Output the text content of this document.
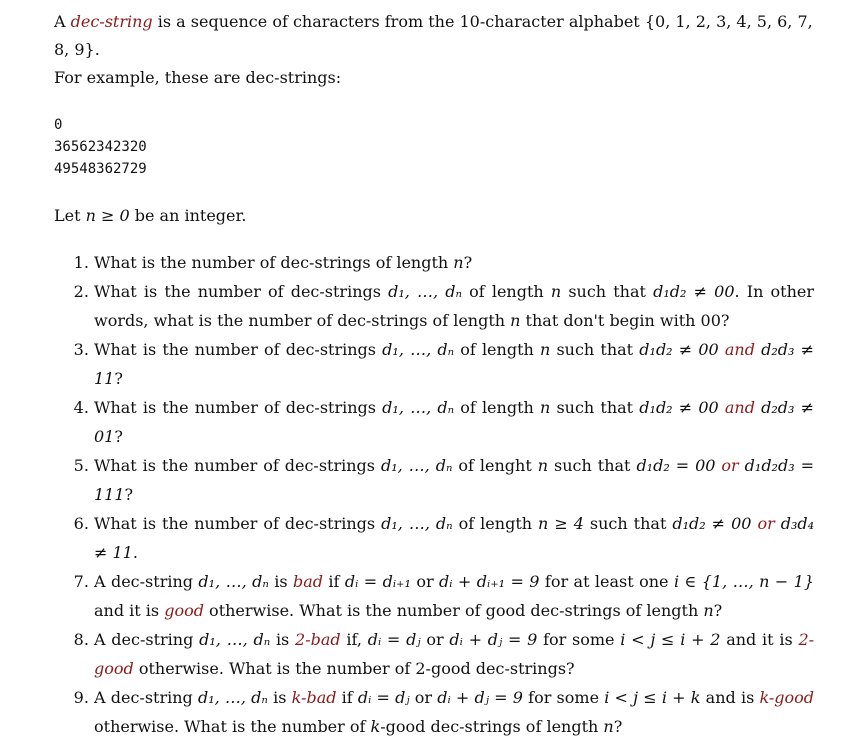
A dec-string is a sequence of characters from the 10-character alphabet {0, 1, 2, 3, 4, 5, 6, 7, 8, 9}.

For example, these are dec-strings:

0
36562342320
49548362729

Let n ≥ 0 be an integer.

1. What is the number of dec-strings of length n?
2. What is the number of dec-strings d₁, …, dₙ of length n such that d₁d₂ ≠ 00. In other words, what is the number of dec-strings of length n that don't begin with 00?
3. What is the number of dec-strings d₁, …, dₙ of length n such that d₁d₂ ≠ 00 and d₂d₃ ≠ 11?
4. What is the number of dec-strings d₁, …, dₙ of length n such that d₁d₂ ≠ 00 and d₂d₃ ≠ 01?
5. What is the number of dec-strings d₁, …, dₙ of lenght n such that d₁d₂ = 00 or d₁d₂d₃ = 111?
6. What is the number of dec-strings d₁, …, dₙ of length n ≥ 4 such that d₁d₂ ≠ 00 or d₃d₄ ≠ 11.
7. A dec-string d₁, …, dₙ is bad if dᵢ = dᵢ₊₁ or dᵢ + dᵢ₊₁ = 9 for at least one i ∈ {1, …, n − 1} and it is good otherwise. What is the number of good dec-strings of length n?
8. A dec-string d₁, …, dₙ is 2-bad if, dᵢ = dⱼ or dᵢ + dⱼ = 9 for some i < j ≤ i + 2 and it is 2-good otherwise. What is the number of 2-good dec-strings?
9. A dec-string d₁, …, dₙ is k-bad if dᵢ = dⱼ or dᵢ + dⱼ = 9 for some i < j ≤ i + k and is k-good otherwise. What is the number of k-good dec-strings of length n?
